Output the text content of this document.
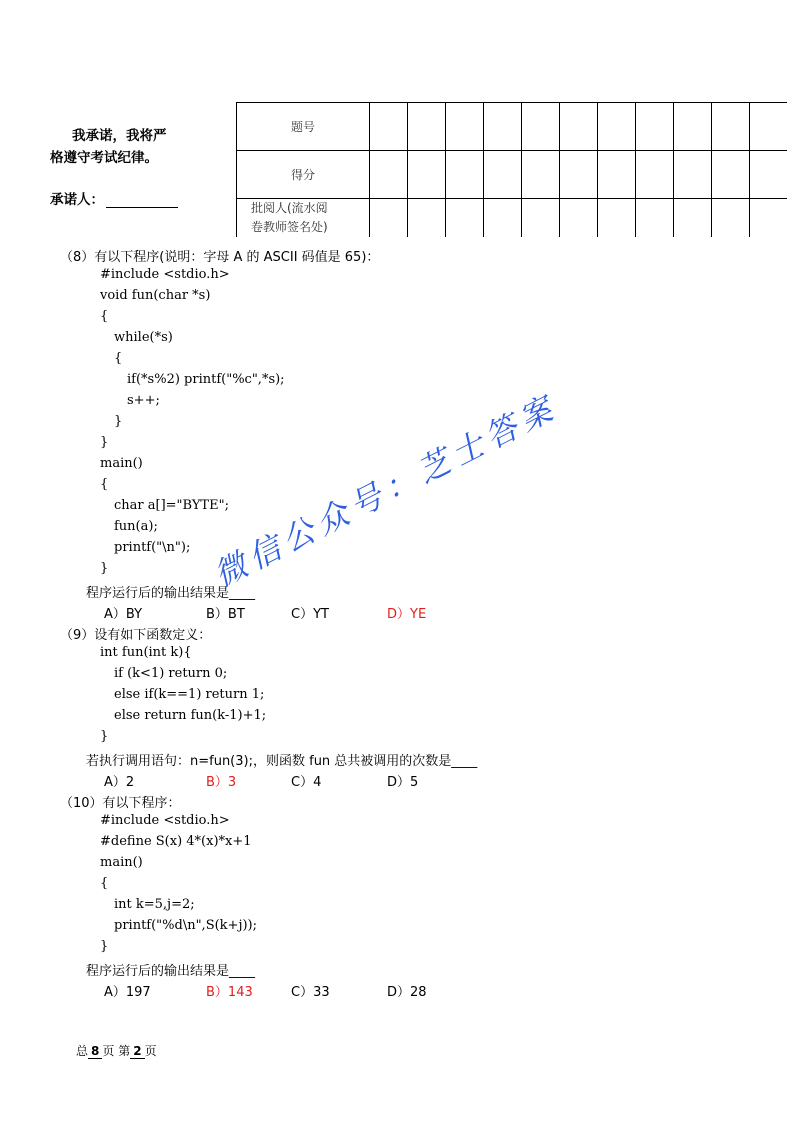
我承诺，我将严
格遵守考试纪律。
承诺人：
题号											
得分											

批阅人(流水阅
卷教师签名处)											

（8）有以下程序(说明：字母 A 的 ASCII 码值是 65)：
#include <stdio.h>
void fun(char *s)
{
while(*s)
{
if(*s%2) printf("%c",*s);
s++;
}
}
main()
{
char a[]="BYTE";
fun(a);
printf("\n");
}
程序运行后的输出结果是____
A）BY	B）BT	C）YT	D）YE
（9）设有如下函数定义：
int fun(int k){
if (k<1) return 0;
else if(k==1) return 1;
else return fun(k-1)+1;
}
若执行调用语句：n=fun(3);，则函数 fun 总共被调用的次数是____
A）2	B）3	C）4	D）5
（10）有以下程序：
#include <stdio.h>
#define S(x) 4*(x)*x+1
main()
{
int k=5,j=2;
printf("%d\n",S(k+j));
}
程序运行后的输出结果是____
A）197	B）143	C）33	D）28
微信公众号：芝士答案
总 8 页 第 2 页
